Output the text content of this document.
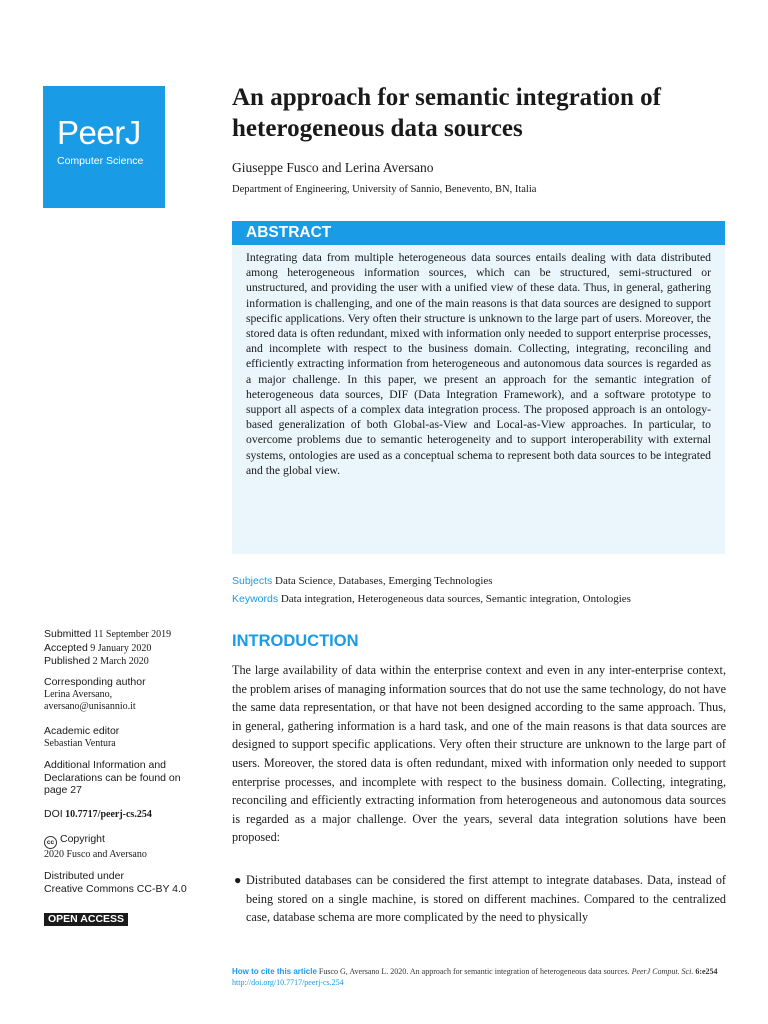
PeerJ
Computer Science
An approach for semantic integration of heterogeneous data sources
Giuseppe Fusco and Lerina Aversano
Department of Engineering, University of Sannio, Benevento, BN, Italia
ABSTRACT

Integrating data from multiple heterogeneous data sources entails dealing with data distributed among heterogeneous information sources, which can be structured, semi-structured or unstructured, and providing the user with a unified view of these data. Thus, in general, gathering information is challenging, and one of the main reasons is that data sources are designed to support specific applications. Very often their structure is unknown to the large part of users. Moreover, the stored data is often redundant, mixed with information only needed to support enterprise processes, and incomplete with respect to the business domain. Collecting, integrating, reconciling and efficiently extracting information from heterogeneous and autonomous data sources is regarded as a major challenge. In this paper, we present an approach for the semantic integration of heterogeneous data sources, DIF (Data Integration Framework), and a software prototype to support all aspects of a complex data integration process. The proposed approach is an ontology-based generalization of both Global-as-View and Local-as-View approaches. In particular, to overcome problems due to semantic heterogeneity and to support interoperability with external systems, ontologies are used as a conceptual schema to represent both data sources to be integrated and the global view.

Subjects Data Science, Databases, Emerging Technologies
Keywords Data integration, Heterogeneous data sources, Semantic integration, Ontologies
Submitted 11 September 2019
Accepted 9 January 2020
Published 2 March 2020
Corresponding author
Lerina Aversano,
aversano@unisannio.it
Academic editor
Sebastian Ventura
Additional Information and
Declarations can be found on
page 27
DOI 10.7717/peerj-cs.254
cc Copyright
2020 Fusco and Aversano
Distributed under
Creative Commons CC-BY 4.0
OPEN ACCESS
INTRODUCTION

The large availability of data within the enterprise context and even in any inter-enterprise context, the problem arises of managing information sources that do not use the same technology, do not have the same data representation, or that have not been designed according to the same approach. Thus, in general, gathering information is a hard task, and one of the main reasons is that data sources are designed to support specific applications. Very often their structure are unknown to the large part of users. Moreover, the stored data is often redundant, mixed with information only needed to support enterprise processes, and incomplete with respect to the business domain. Collecting, integrating, reconciling and efficiently extracting information from heterogeneous and autonomous data sources is regarded as a major challenge. Over the years, several data integration solutions have been proposed:

● Distributed databases can be considered the first attempt to integrate databases. Data, instead of being stored on a single machine, is stored on different machines. Compared to the centralized case, database schema are more complicated by the need to physically

How to cite this article Fusco G, Aversano L. 2020. An approach for semantic integration of heterogeneous data sources. PeerJ Comput. Sci. 6:e254 http://doi.org/10.7717/peerj-cs.254
